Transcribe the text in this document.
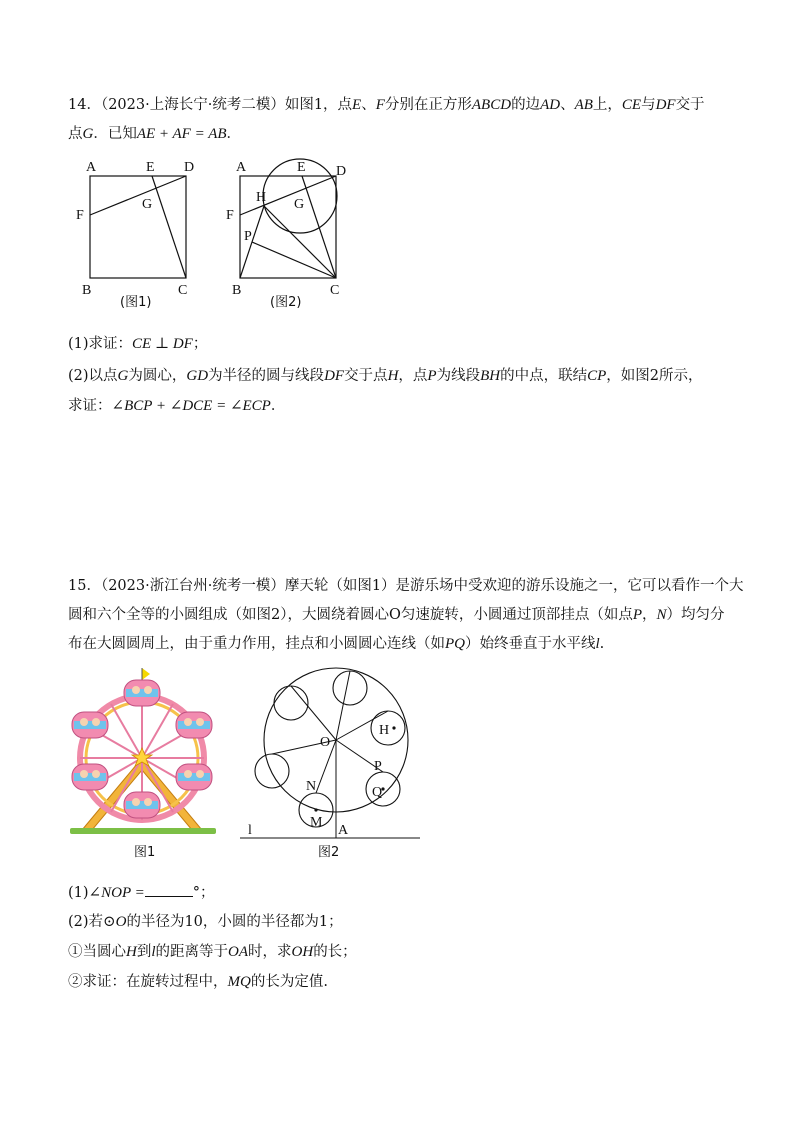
14．（2023·上海长宁·统考二模）如图1，点E、F分别在正方形ABCD的边AD、AB上，CE与DF交于
点G．已知AE + AF = AB．
A	E D
F
G
B	C
(图1)
A	E D
F
H G
P
B	C
(图2)
(1)求证：CE ⊥ DF；
(2)以点G为圆心，GD为半径的圆与线段DF交于点H，点P为线段BH的中点，联结CP，如图2所示，
求证：∠BCP + ∠DCE = ∠ECP．
15．（2023·浙江台州·统考一模）摩天轮（如图1）是游乐场中受欢迎的游乐设施之一，它可以看作一个大
圆和六个全等的小圆组成（如图2），大圆绕着圆心O匀速旋转，小圆通过顶部挂点（如点P，N）均匀分
布在大圆圆周上，由于重力作用，挂点和小圆圆心连线（如PQ）始终垂直于水平线l.
图1
O
N
P
Q
H
M
A
l
图2
(1)∠NOP =	°；
(2)若⊙O的半径为10，小圆的半径都为1；
①当圆心H到l的距离等于OA时，求OH的长；
②求证：在旋转过程中，MQ的长为定值.
